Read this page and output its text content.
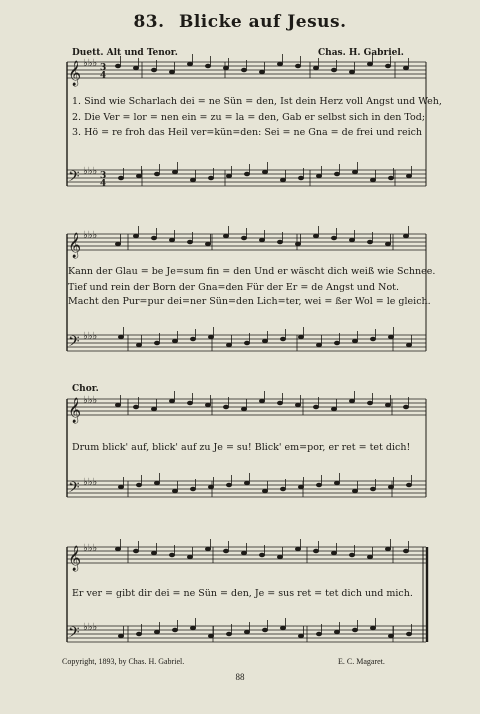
83. Blicke auf Jesus.
Duett. Alt und Tenor.	Chas. H. Gabriel.
𝄞
𝄢
𝄞
𝄢
𝄞
𝄢
𝄞
𝄢
♭♭♭
♭♭♭
♭♭♭
♭♭♭
♭♭♭
♭♭♭
♭♭♭
♭♭♭
3
4
3
4
1. Sind wie Scharlach dei = ne Sün = den, Ist dein Herz voll Angst und Weh,
2. Die Ver = lor = nen ein = zu = la = den, Gab er selbst sich in den Tod;
3. Hö = re froh das Heil ver=kün=den: Sei = ne Gna = de frei und reich
Kann der Glau = be Je=sum fin = den Und er wäscht dich weiß wie Schnee.
Tief und rein der Born der Gna=den Für der Er = de Angst und Not.
Macht den Pur=pur dei=ner Sün=den Lich=ter, wei = ßer Wol = le gleich.
Chor.
Drum blick' auf, blick' auf zu Je = su! Blick' em=por, er ret = tet dich!
Er ver = gibt dir dei = ne Sün = den, Je = sus ret = tet dich und mich.
Copyright, 1893, by Chas. H. Gabriel.	E. C. Magaret.
88
